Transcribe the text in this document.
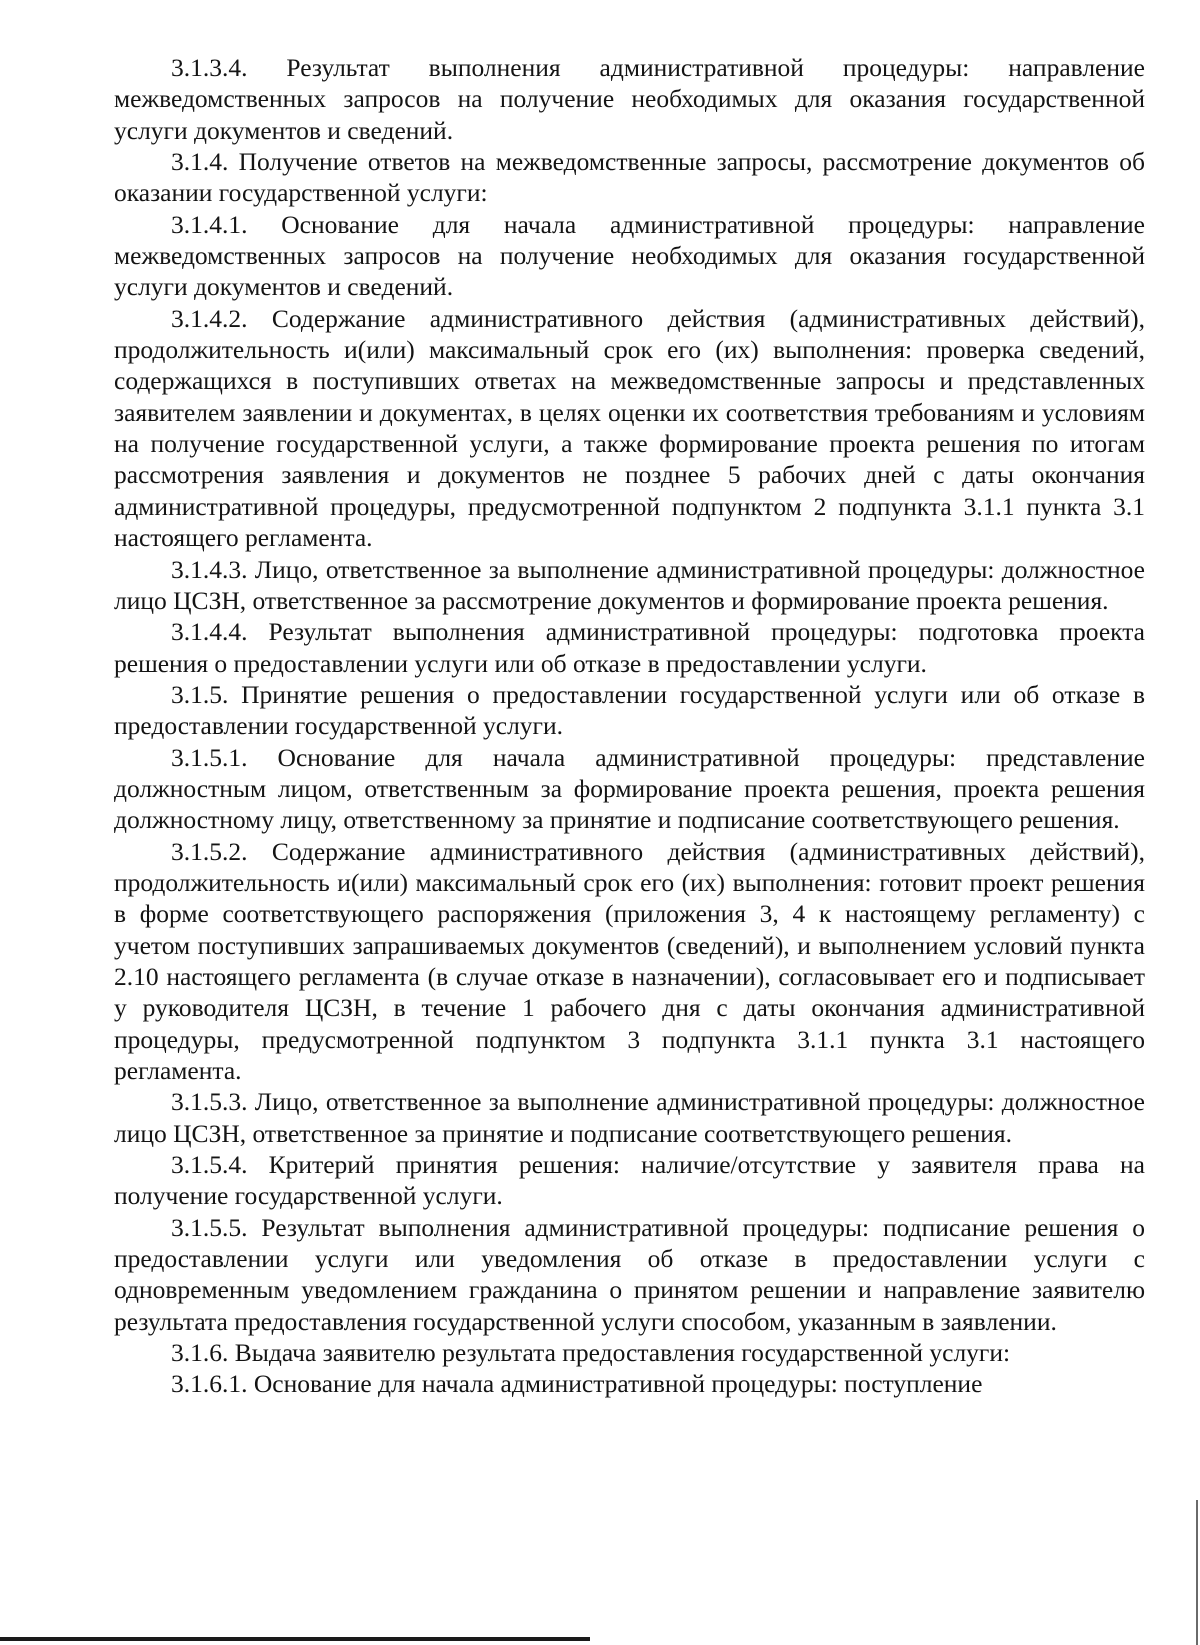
3.1.3.4. Результат выполнения административной процедуры: направление межведомственных запросов на получение необходимых для оказания государственной услуги документов и сведений.

3.1.4. Получение ответов на межведомственные запросы, рассмотрение документов об оказании государственной услуги:

3.1.4.1. Основание для начала административной процедуры: направление межведомственных запросов на получение необходимых для оказания государственной услуги документов и сведений.

3.1.4.2. Содержание административного действия (административных действий), продолжительность и(или) максимальный срок его (их) выполнения: проверка сведений, содержащихся в поступивших ответах на межведомственные запросы и представленных заявителем заявлении и документах, в целях оценки их соответствия требованиям и условиям на получение государственной услуги, а также формирование проекта решения по итогам рассмотрения заявления и документов не позднее 5 рабочих дней с даты окончания административной процедуры, предусмотренной подпунктом 2 подпункта 3.1.1 пункта 3.1 настоящего регламента.

3.1.4.3. Лицо, ответственное за выполнение административной процедуры: должностное лицо ЦСЗН, ответственное за рассмотрение документов и формирование проекта решения.

3.1.4.4. Результат выполнения административной процедуры: подготовка проекта решения о предоставлении услуги или об отказе в предоставлении услуги.

3.1.5. Принятие решения о предоставлении государственной услуги или об отказе в предоставлении государственной услуги.

3.1.5.1. Основание для начала административной процедуры: представление должностным лицом, ответственным за формирование проекта решения, проекта решения должностному лицу, ответственному за принятие и подписание соответствующего решения.

3.1.5.2. Содержание административного действия (административных действий), продолжительность и(или) максимальный срок его (их) выполнения: готовит проект решения в форме соответствующего распоряжения (приложения 3, 4 к настоящему регламенту) с учетом поступивших запрашиваемых документов (сведений), и выполнением условий пункта 2.10 настоящего регламента (в случае отказе в назначении), согласовывает его и подписывает у руководителя ЦСЗН, в течение 1 рабочего дня с даты окончания административной процедуры, предусмотренной подпунктом 3 подпункта 3.1.1 пункта 3.1 настоящего регламента.

3.1.5.3. Лицо, ответственное за выполнение административной процедуры: должностное лицо ЦСЗН, ответственное за принятие и подписание соответствующего решения.

3.1.5.4. Критерий принятия решения: наличие/отсутствие у заявителя права на получение государственной услуги.

3.1.5.5. Результат выполнения административной процедуры: подписание решения о предоставлении услуги или уведомления об отказе в предоставлении услуги с одновременным уведомлением гражданина о принятом решении и направление заявителю результата предоставления государственной услуги способом, указанным в заявлении.

3.1.6. Выдача заявителю результата предоставления государственной услуги:

3.1.6.1. Основание для начала административной процедуры: поступление
